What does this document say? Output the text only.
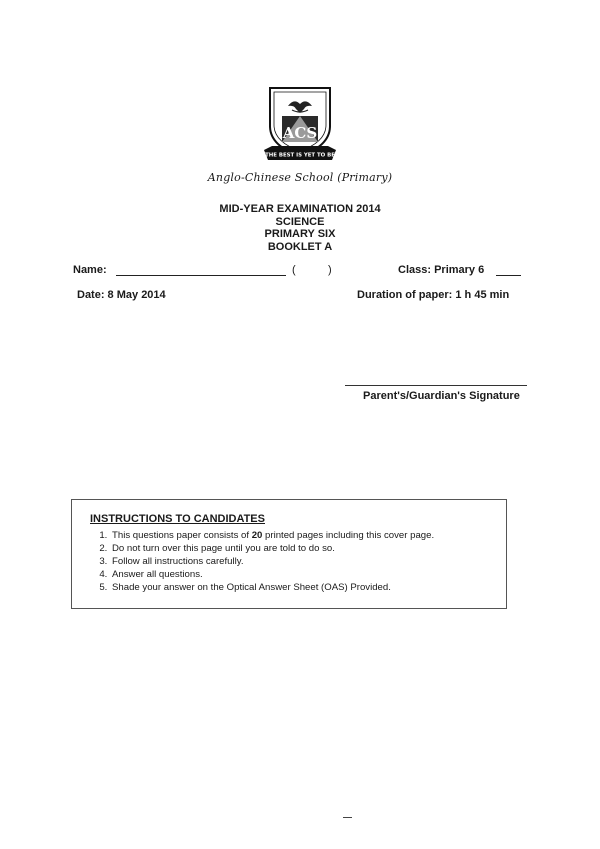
ACS
THE BEST IS YET TO BE
Anglo-Chinese School (Primary)
MID-YEAR EXAMINATION 2014
SCIENCE
PRIMARY SIX
BOOKLET A
Name:	(	)	Class: Primary 6
Date: 8 May 2014	Duration of paper: 1 h 45 min
Parent's/Guardian's Signature
INSTRUCTIONS TO CANDIDATES
1. This questions paper consists of 20 printed pages including this cover page.
2. Do not turn over this page until you are told to do so.
3. Follow all instructions carefully.
4. Answer all questions.
5. Shade your answer on the Optical Answer Sheet (OAS) Provided.
